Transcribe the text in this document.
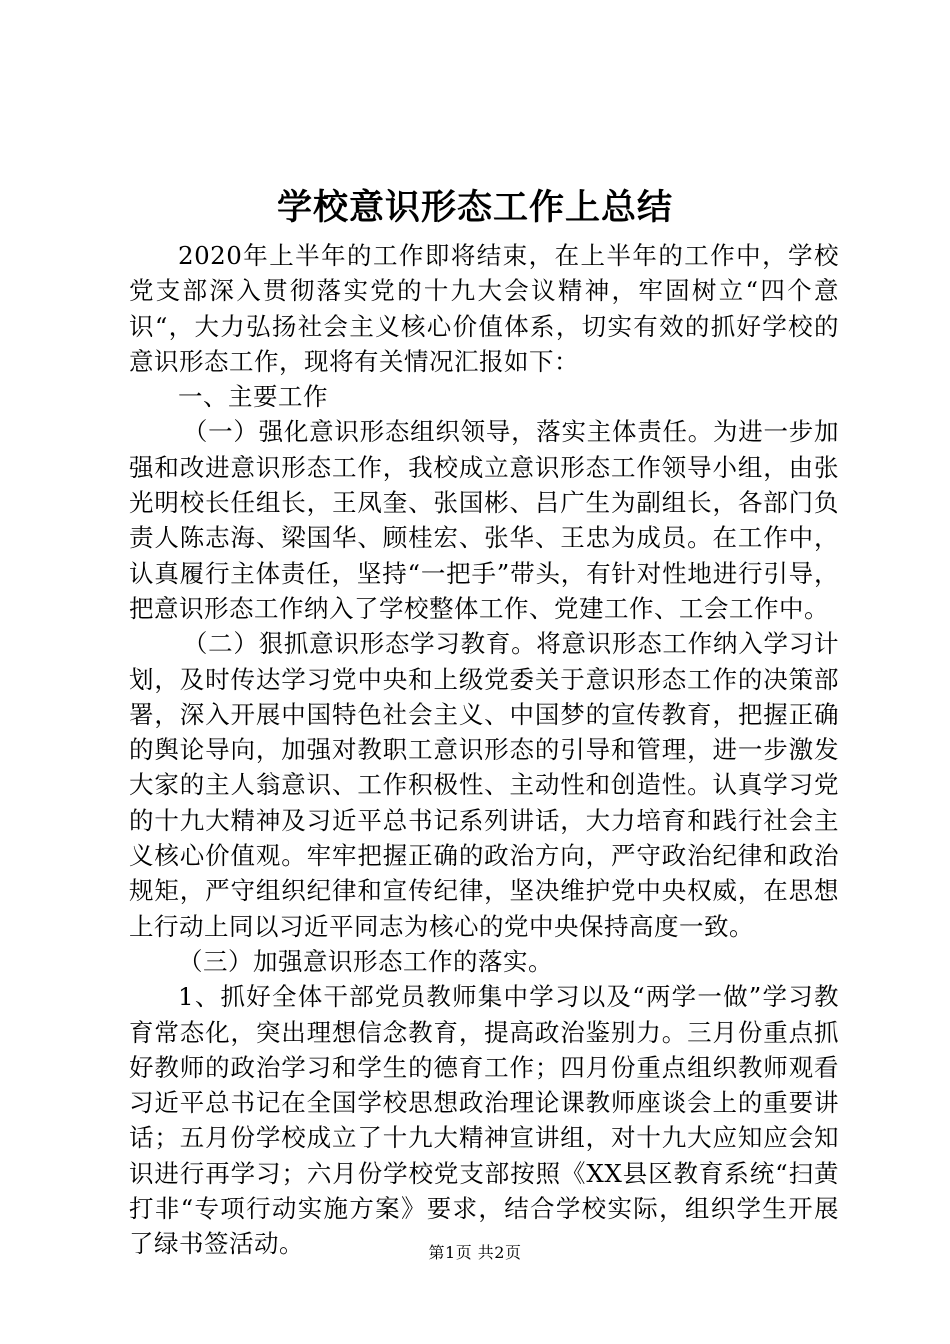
学校意识形态工作上总结

2020年上半年的工作即将结束，在上半年的工作中，学校党支部深入贯彻落实党的十九大会议精神，牢固树立“四个意识“，大力弘扬社会主义核心价值体系，切实有效的抓好学校的意识形态工作，现将有关情况汇报如下：

一、主要工作

（一）强化意识形态组织领导，落实主体责任。为进一步加强和改进意识形态工作，我校成立意识形态工作领导小组，由张光明校长任组长，王凤奎、张国彬、吕广生为副组长，各部门负责人陈志海、梁国华、顾桂宏、张华、王忠为成员。在工作中，认真履行主体责任，坚持“一把手”带头，有针对性地进行引导，把意识形态工作纳入了学校整体工作、党建工作、工会工作中。

（二）狠抓意识形态学习教育。将意识形态工作纳入学习计划，及时传达学习党中央和上级党委关于意识形态工作的决策部署，深入开展中国特色社会主义、中国梦的宣传教育，把握正确的舆论导向，加强对教职工意识形态的引导和管理，进一步激发大家的主人翁意识、工作积极性、主动性和创造性。认真学习党的十九大精神及习近平总书记系列讲话，大力培育和践行社会主义核心价值观。牢牢把握正确的政治方向，严守政治纪律和政治规矩，严守组织纪律和宣传纪律，坚决维护党中央权威，在思想上行动上同以习近平同志为核心的党中央保持高度一致。

（三）加强意识形态工作的落实。

1、抓好全体干部党员教师集中学习以及“两学一做”学习教育常态化，突出理想信念教育，提高政治鉴别力。三月份重点抓好教师的政治学习和学生的德育工作；四月份重点组织教师观看习近平总书记在全国学校思想政治理论课教师座谈会上的重要讲话；五月份学校成立了十九大精神宣讲组，对十九大应知应会知识进行再学习；六月份学校党支部按照《XX县区教育系统“扫黄打非“专项行动实施方案》要求，结合学校实际，组织学生开展了绿书签活动。	第1页 共2页
